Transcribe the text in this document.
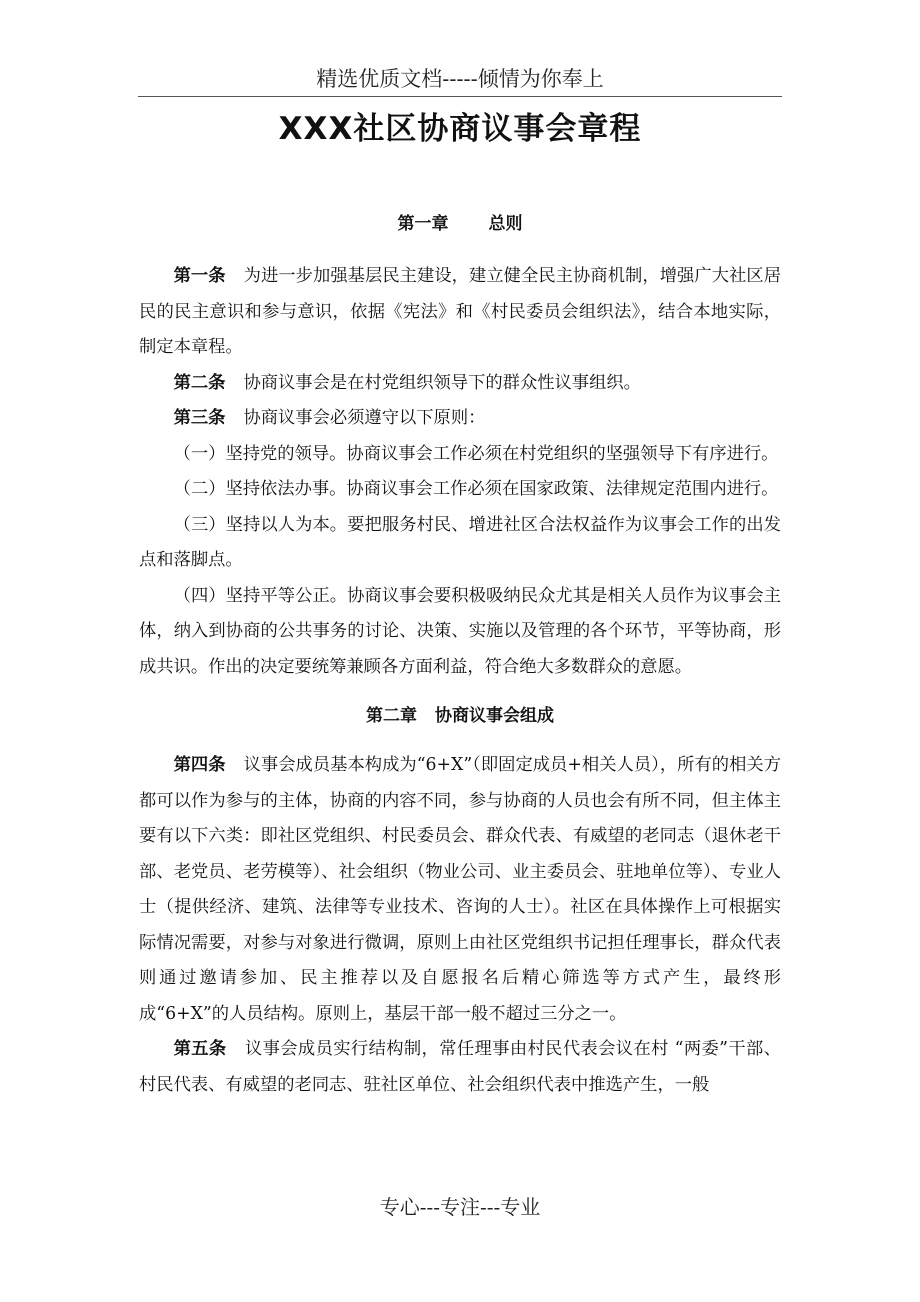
精选优质文档-----倾情为你奉上
XXX社区协商议事会章程
第一章 总则

第一条 为进一步加强基层民主建设，建立健全民主协商机制，增强广大社区居民的民主意识和参与意识，依据《宪法》和《村民委员会组织法》，结合本地实际，制定本章程。

第二条 协商议事会是在村党组织领导下的群众性议事组织。

第三条 协商议事会必须遵守以下原则：

（一）坚持党的领导。协商议事会工作必须在村党组织的坚强领导下有序进行。

（二）坚持依法办事。协商议事会工作必须在国家政策、法律规定范围内进行。

（三）坚持以人为本。要把服务村民、增进社区合法权益作为议事会工作的出发点和落脚点。

（四）坚持平等公正。协商议事会要积极吸纳民众尤其是相关人员作为议事会主体，纳入到协商的公共事务的讨论、决策、实施以及管理的各个环节，平等协商，形成共识。作出的决定要统筹兼顾各方面利益，符合绝大多数群众的意愿。

第二章 协商议事会组成

第四条 议事会成员基本构成为“6+X”（即固定成员+相关人员），所有的相关方都可以作为参与的主体，协商的内容不同，参与协商的人员也会有所不同，但主体主要有以下六类：即社区党组织、村民委员会、群众代表、有威望的老同志（退休老干部、老党员、老劳模等）、社会组织（物业公司、业主委员会、驻地单位等）、专业人士（提供经济、建筑、法律等专业技术、咨询的人士）。社区在具体操作上可根据实际情况需要，对参与对象进行微调，原则上由社区党组织书记担任理事长，群众代表则通过邀请参加、民主推荐以及自愿报名后精心筛选等方式产生，最终形成“6+X”的人员结构。原则上，基层干部一般不超过三分之一。

第五条 议事会成员实行结构制，常任理事由村民代表会议在村 “两委”干部、村民代表、有威望的老同志、驻社区单位、社会组织代表中推选产生，一般

专心---专注---专业
